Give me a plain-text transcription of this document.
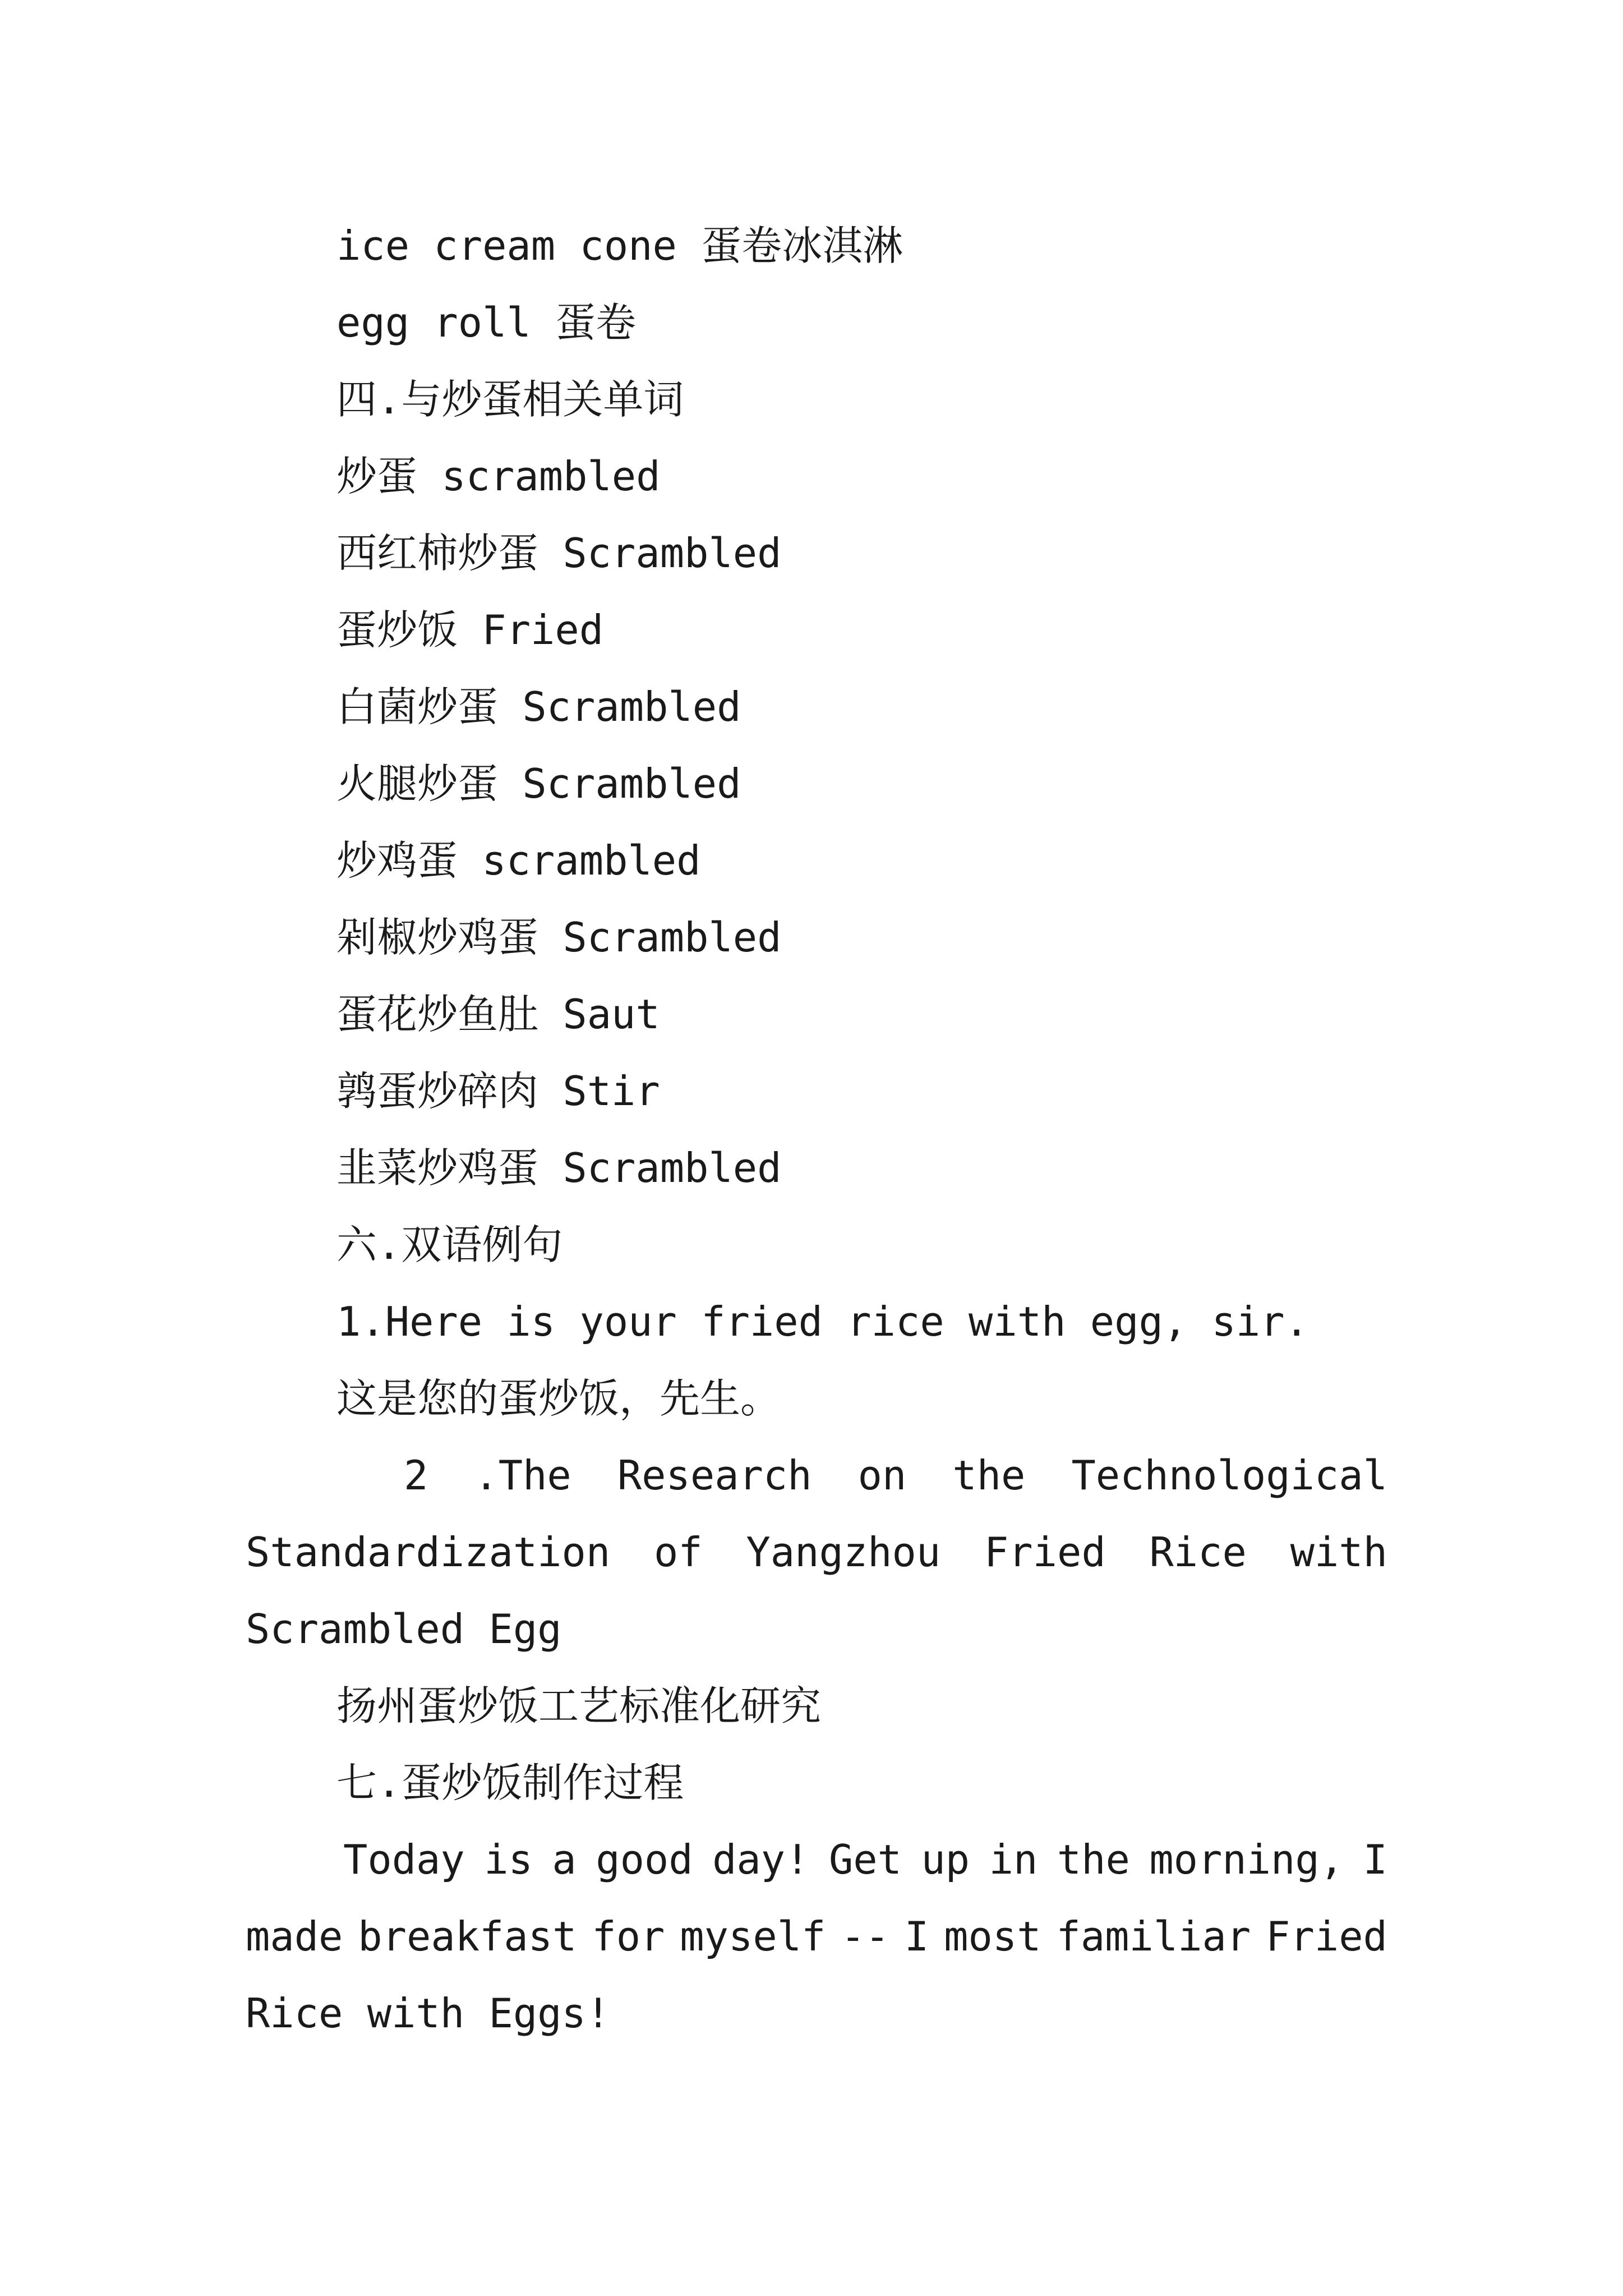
ice cream cone 蛋卷冰淇淋

egg roll 蛋卷

四.与炒蛋相关单词

炒蛋 scrambled

西红柿炒蛋 Scrambled

蛋炒饭 Fried

白菌炒蛋 Scrambled

火腿炒蛋 Scrambled

炒鸡蛋 scrambled

剁椒炒鸡蛋 Scrambled

蛋花炒鱼肚 Saut

鹑蛋炒碎肉 Stir

韭菜炒鸡蛋 Scrambled

六.双语例句

1.Here is your fried rice with egg, sir.

这是您的蛋炒饭，先生。

2 .The Research on the Technological
Standardization of Yangzhou Fried Rice with

Scrambled Egg

扬州蛋炒饭工艺标准化研究

七.蛋炒饭制作过程

Today is a good day! Get up in the morning, I
made breakfast for myself -- I most familiar Fried

Rice with Eggs!
